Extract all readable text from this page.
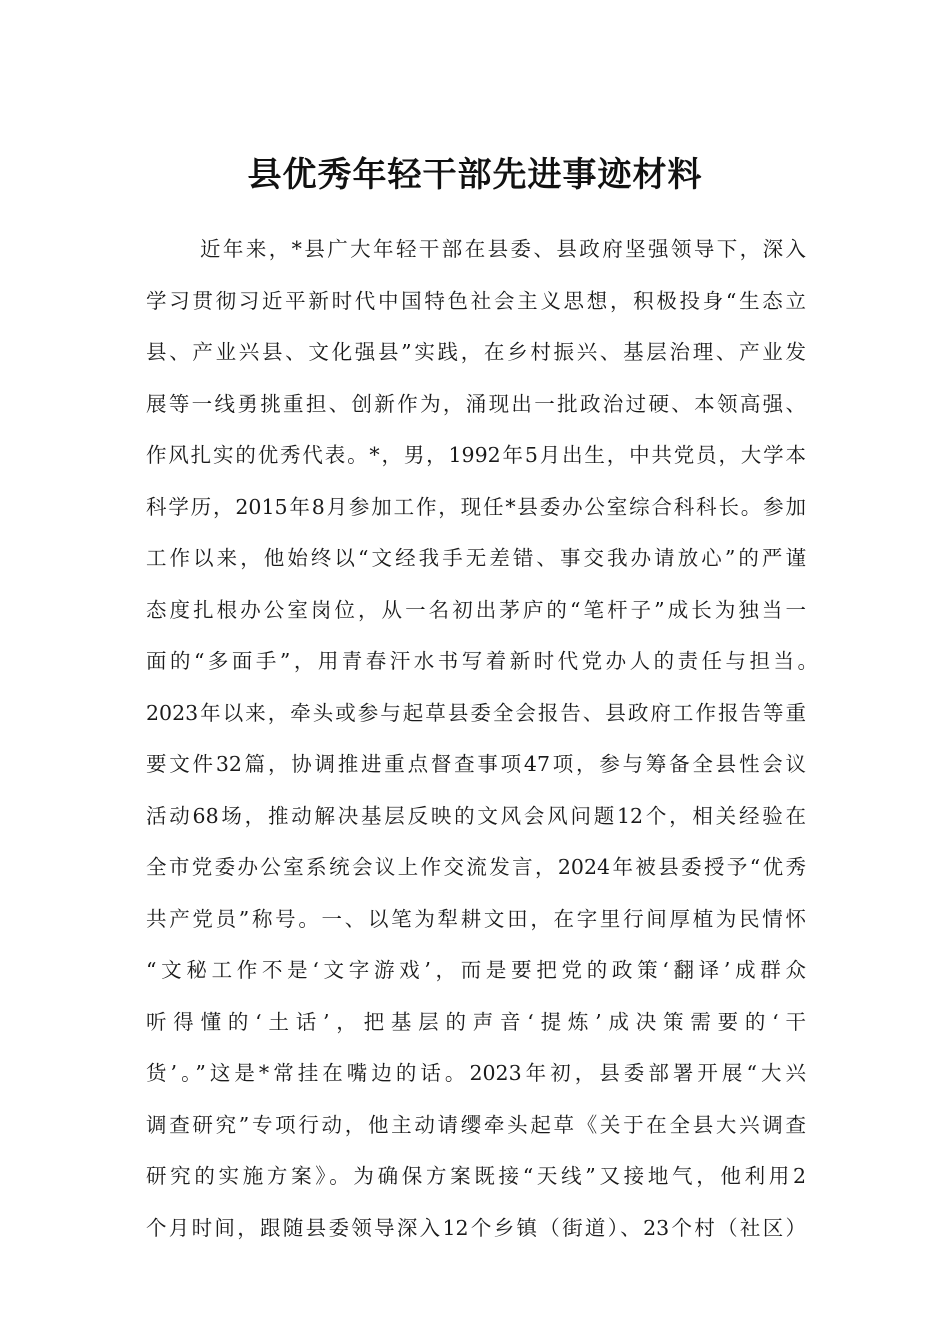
县优秀年轻干部先进事迹材料
近年来，*县广大年轻干部在县委、县政府坚强领导下，深入
学习贯彻习近平新时代中国特色社会主义思想，积极投身“生态立
县、产业兴县、文化强县”实践，在乡村振兴、基层治理、产业发
展等一线勇挑重担、创新作为，涌现出一批政治过硬、本领高强、
作风扎实的优秀代表。*，男，1992年5月出生，中共党员，大学本
科学历，2015年8月参加工作，现任*县委办公室综合科科长。参加
工作以来，他始终以“文经我手无差错、事交我办请放心”的严谨
态度扎根办公室岗位，从一名初出茅庐的“笔杆子”成长为独当一
面的“多面手”，用青春汗水书写着新时代党办人的责任与担当。
2023年以来，牵头或参与起草县委全会报告、县政府工作报告等重
要文件32篇，协调推进重点督查事项47项，参与筹备全县性会议
活动68场，推动解决基层反映的文风会风问题12个，相关经验在
全市党委办公室系统会议上作交流发言，2024年被县委授予“优秀
共产党员”称号。一、以笔为犁耕文田，在字里行间厚植为民情怀
“文秘工作不是‘文字游戏’，而是要把党的政策‘翻译’成群众
听得懂的‘土话’，把基层的声音‘提炼’成决策需要的‘干
货’。”这是*常挂在嘴边的话。2023年初，县委部署开展“大兴
调查研究”专项行动，他主动请缨牵头起草《关于在全县大兴调查
研究的实施方案》。为确保方案既接“天线”又接地气，他利用2
个月时间，跟随县委领导深入12个乡镇（街道）、23个村（社区）
